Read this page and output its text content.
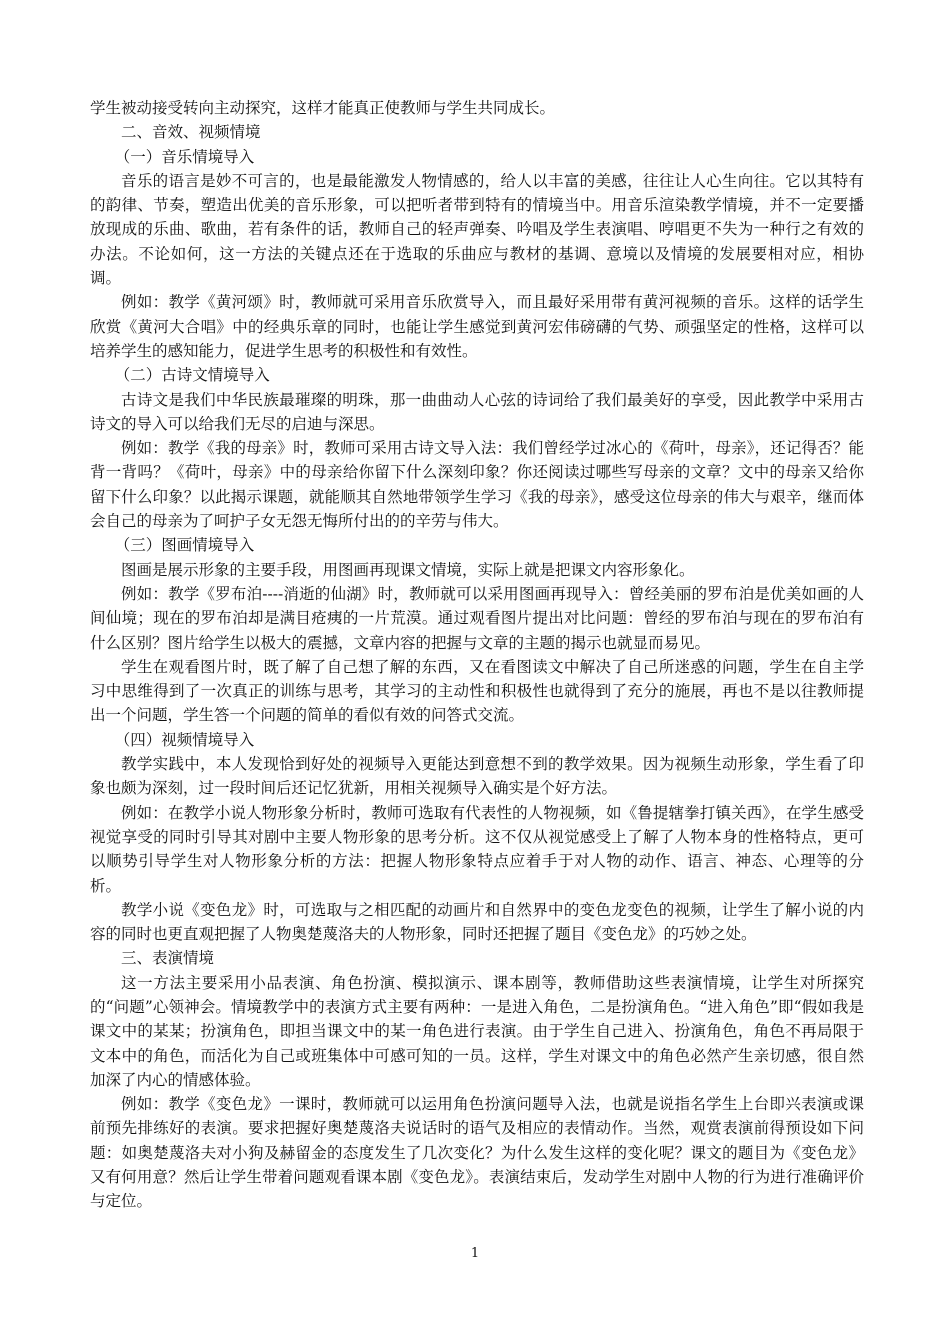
学生被动接受转向主动探究，这样才能真正使教师与学生共同成长。

二、音效、视频情境

（一）音乐情境导入

音乐的语言是妙不可言的，也是最能激发人物情感的，给人以丰富的美感，往往让人心生向往。它以其特有的韵律、节奏，塑造出优美的音乐形象，可以把听者带到特有的情境当中。用音乐渲染教学情境，并不一定要播放现成的乐曲、歌曲，若有条件的话，教师自己的轻声弹奏、吟唱及学生表演唱、哼唱更不失为一种行之有效的办法。不论如何，这一方法的关键点还在于选取的乐曲应与教材的基调、意境以及情境的发展要相对应，相协调。

例如：教学《黄河颂》时，教师就可采用音乐欣赏导入，而且最好采用带有黄河视频的音乐。这样的话学生欣赏《黄河大合唱》中的经典乐章的同时，也能让学生感觉到黄河宏伟磅礴的气势、顽强坚定的性格，这样可以培养学生的感知能力，促进学生思考的积极性和有效性。

（二）古诗文情境导入

古诗文是我们中华民族最璀璨的明珠，那一曲曲动人心弦的诗词给了我们最美好的享受，因此教学中采用古诗文的导入可以给我们无尽的启迪与深思。

例如：教学《我的母亲》时，教师可采用古诗文导入法：我们曾经学过冰心的《荷叶，母亲》，还记得否？能背一背吗？《荷叶，母亲》中的母亲给你留下什么深刻印象？你还阅读过哪些写母亲的文章？文中的母亲又给你留下什么印象？以此揭示课题，就能顺其自然地带领学生学习《我的母亲》，感受这位母亲的伟大与艰辛，继而体会自己的母亲为了呵护子女无怨无悔所付出的的辛劳与伟大。

（三）图画情境导入

图画是展示形象的主要手段，用图画再现课文情境，实际上就是把课文内容形象化。

例如：教学《罗布泊----消逝的仙湖》时，教师就可以采用图画再现导入：曾经美丽的罗布泊是优美如画的人间仙境；现在的罗布泊却是满目疮痍的一片荒漠。通过观看图片提出对比问题：曾经的罗布泊与现在的罗布泊有什么区别？图片给学生以极大的震撼，文章内容的把握与文章的主题的揭示也就显而易见。

学生在观看图片时，既了解了自己想了解的东西，又在看图读文中解决了自己所迷惑的问题，学生在自主学习中思维得到了一次真正的训练与思考，其学习的主动性和积极性也就得到了充分的施展，再也不是以往教师提出一个问题，学生答一个问题的简单的看似有效的问答式交流。

（四）视频情境导入

教学实践中，本人发现恰到好处的视频导入更能达到意想不到的教学效果。因为视频生动形象，学生看了印象也颇为深刻，过一段时间后还记忆犹新，用相关视频导入确实是个好方法。

例如：在教学小说人物形象分析时，教师可选取有代表性的人物视频，如《鲁提辖拳打镇关西》，在学生感受视觉享受的同时引导其对剧中主要人物形象的思考分析。这不仅从视觉感受上了解了人物本身的性格特点，更可以顺势引导学生对人物形象分析的方法：把握人物形象特点应着手于对人物的动作、语言、神态、心理等的分析。

教学小说《变色龙》时，可选取与之相匹配的动画片和自然界中的变色龙变色的视频，让学生了解小说的内容的同时也更直观把握了人物奥楚蔑洛夫的人物形象，同时还把握了题目《变色龙》的巧妙之处。

三、表演情境

这一方法主要采用小品表演、角色扮演、模拟演示、课本剧等，教师借助这些表演情境，让学生对所探究的“问题”心领神会。情境教学中的表演方式主要有两种：一是进入角色，二是扮演角色。“进入角色”即“假如我是课文中的某某；扮演角色，即担当课文中的某一角色进行表演。由于学生自己进入、扮演角色，角色不再局限于文本中的角色，而活化为自己或班集体中可感可知的一员。这样，学生对课文中的角色必然产生亲切感，很自然加深了内心的情感体验。

例如：教学《变色龙》一课时，教师就可以运用角色扮演问题导入法，也就是说指名学生上台即兴表演或课前预先排练好的表演。要求把握好奥楚蔑洛夫说话时的语气及相应的表情动作。当然，观赏表演前得预设如下问题：如奥楚蔑洛夫对小狗及赫留金的态度发生了几次变化？为什么发生这样的变化呢？课文的题目为《变色龙》又有何用意？然后让学生带着问题观看课本剧《变色龙》。表演结束后，发动学生对剧中人物的行为进行准确评价与定位。

1
